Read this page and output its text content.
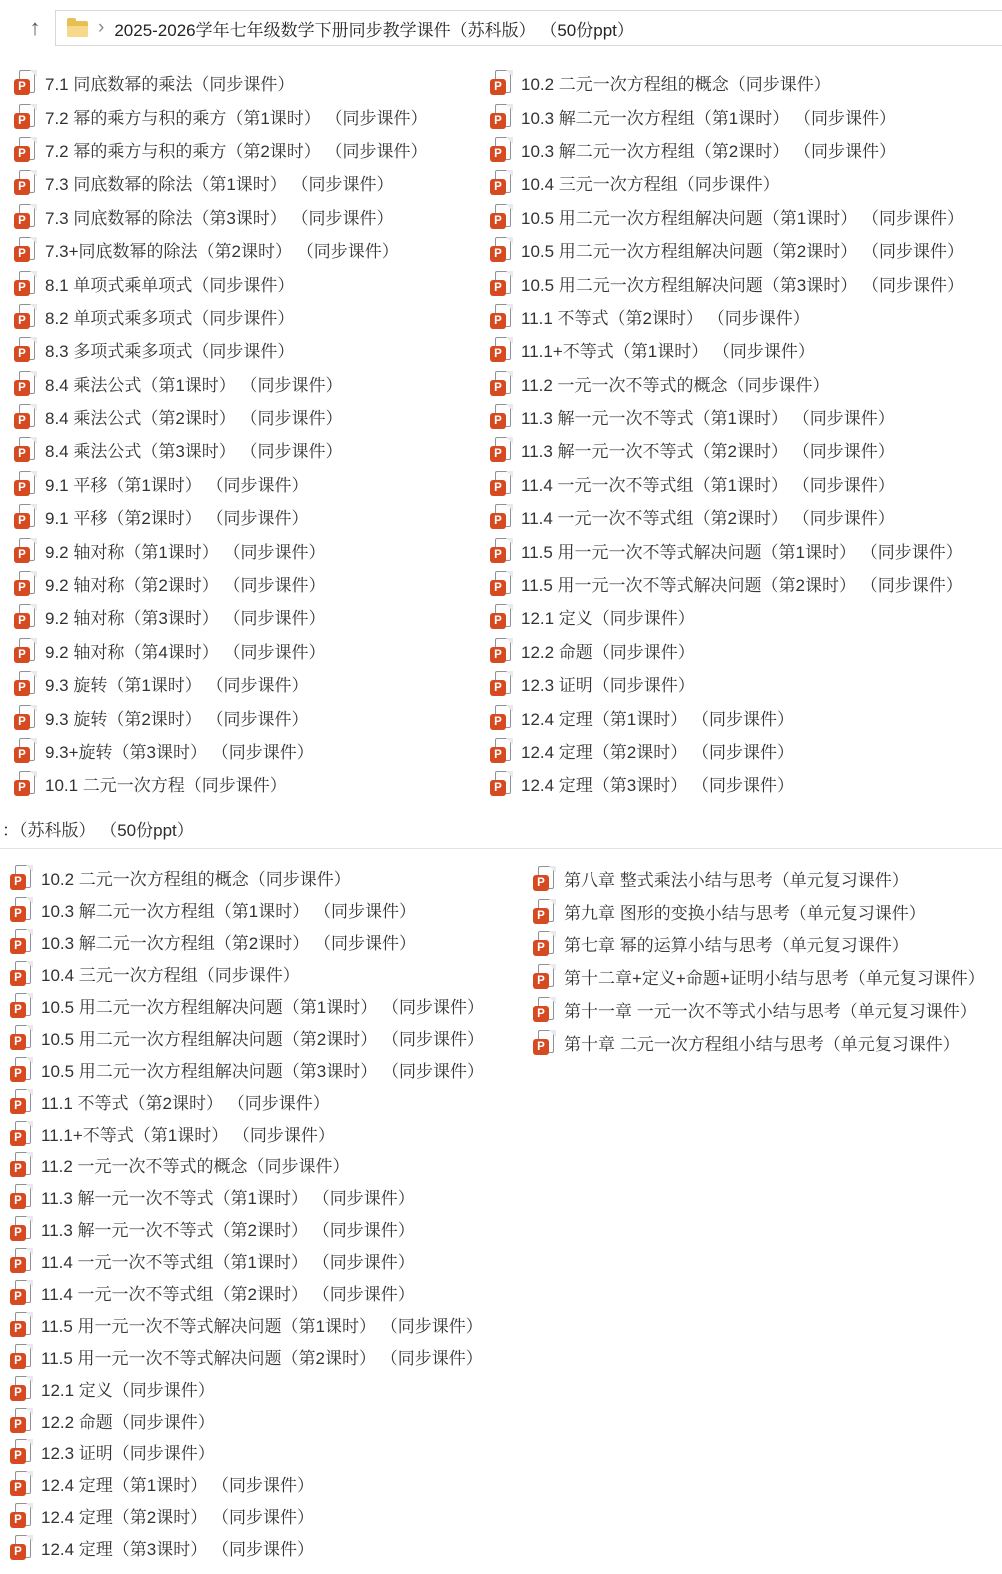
↑	› 2025-2026学年七年级数学下册同步教学课件（苏科版） （50份ppt）
P 7.1 同底数幂的乘法（同步课件）
P 7.2 幂的乘方与积的乘方（第1课时） （同步课件）
P 7.2 幂的乘方与积的乘方（第2课时） （同步课件）
P 7.3 同底数幂的除法（第1课时） （同步课件）
P 7.3 同底数幂的除法（第3课时） （同步课件）
P 7.3+同底数幂的除法（第2课时） （同步课件）
P 8.1 单项式乘单项式（同步课件）
P 8.2 单项式乘多项式（同步课件）
P 8.3 多项式乘多项式（同步课件）
P 8.4 乘法公式（第1课时） （同步课件）
P 8.4 乘法公式（第2课时） （同步课件）
P 8.4 乘法公式（第3课时） （同步课件）
P 9.1 平移（第1课时） （同步课件）
P 9.1 平移（第2课时） （同步课件）
P 9.2 轴对称（第1课时） （同步课件）
P 9.2 轴对称（第2课时） （同步课件）
P 9.2 轴对称（第3课时） （同步课件）
P 9.2 轴对称（第4课时） （同步课件）
P 9.3 旋转（第1课时） （同步课件）
P 9.3 旋转（第2课时） （同步课件）
P 9.3+旋转（第3课时） （同步课件）
P 10.1 二元一次方程（同步课件）
P 10.2 二元一次方程组的概念（同步课件）
P 10.3 解二元一次方程组（第1课时） （同步课件）
P 10.3 解二元一次方程组（第2课时） （同步课件）
P 10.4 三元一次方程组（同步课件）
P 10.5 用二元一次方程组解决问题（第1课时） （同步课件）
P 10.5 用二元一次方程组解决问题（第2课时） （同步课件）
P 10.5 用二元一次方程组解决问题（第3课时） （同步课件）
P 11.1 不等式（第2课时） （同步课件）
P 11.1+不等式（第1课时） （同步课件）
P 11.2 一元一次不等式的概念（同步课件）
P 11.3 解一元一次不等式（第1课时） （同步课件）
P 11.3 解一元一次不等式（第2课时） （同步课件）
P 11.4 一元一次不等式组（第1课时） （同步课件）
P 11.4 一元一次不等式组（第2课时） （同步课件）
P 11.5 用一元一次不等式解决问题（第1课时） （同步课件）
P 11.5 用一元一次不等式解决问题（第2课时） （同步课件）
P 12.1 定义（同步课件）
P 12.2 命题（同步课件）
P 12.3 证明（同步课件）
P 12.4 定理（第1课时） （同步课件）
P 12.4 定理（第2课时） （同步课件）
P 12.4 定理（第3课时） （同步课件）
：（苏科版） （50份ppt）
P 10.2 二元一次方程组的概念（同步课件）
P 10.3 解二元一次方程组（第1课时） （同步课件）
P 10.3 解二元一次方程组（第2课时） （同步课件）
P 10.4 三元一次方程组（同步课件）
P 10.5 用二元一次方程组解决问题（第1课时） （同步课件）
P 10.5 用二元一次方程组解决问题（第2课时） （同步课件）
P 10.5 用二元一次方程组解决问题（第3课时） （同步课件）
P 11.1 不等式（第2课时） （同步课件）
P 11.1+不等式（第1课时） （同步课件）
P 11.2 一元一次不等式的概念（同步课件）
P 11.3 解一元一次不等式（第1课时） （同步课件）
P 11.3 解一元一次不等式（第2课时） （同步课件）
P 11.4 一元一次不等式组（第1课时） （同步课件）
P 11.4 一元一次不等式组（第2课时） （同步课件）
P 11.5 用一元一次不等式解决问题（第1课时） （同步课件）
P 11.5 用一元一次不等式解决问题（第2课时） （同步课件）
P 12.1 定义（同步课件）
P 12.2 命题（同步课件）
P 12.3 证明（同步课件）
P 12.4 定理（第1课时） （同步课件）
P 12.4 定理（第2课时） （同步课件）
P 12.4 定理（第3课时） （同步课件）
P 第八章 整式乘法小结与思考（单元复习课件）
P 第九章 图形的变换小结与思考（单元复习课件）
P 第七章 幂的运算小结与思考（单元复习课件）
P 第十二章+定义+命题+证明小结与思考（单元复习课件）
P 第十一章 一元一次不等式小结与思考（单元复习课件）
P 第十章 二元一次方程组小结与思考（单元复习课件）
